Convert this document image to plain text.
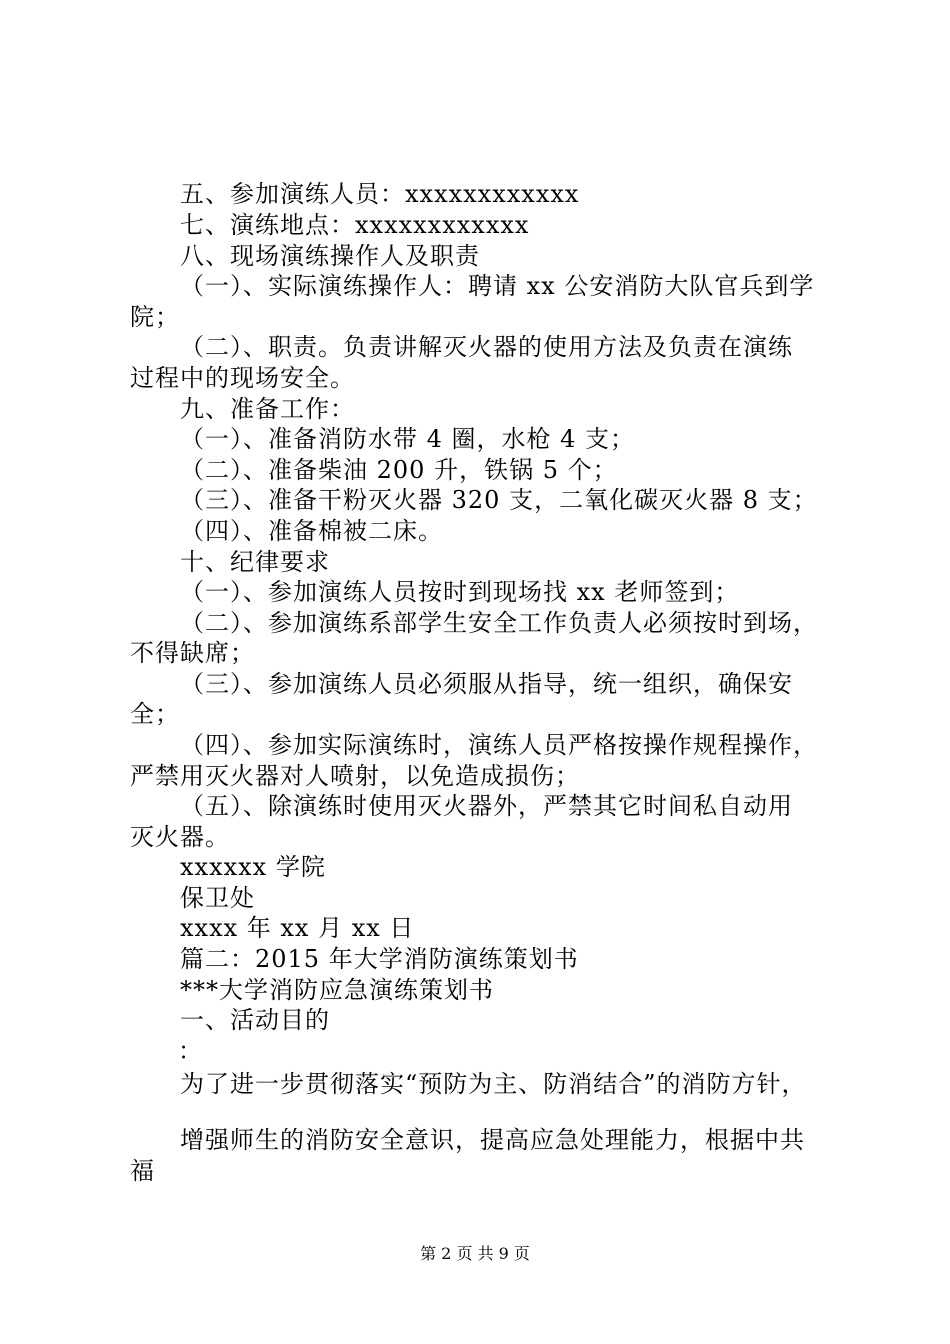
五、参加演练人员：xxxxxxxxxxxx
七、演练地点：xxxxxxxxxxxx
八、现场演练操作人及职责
（一）、实际演练操作人：聘请 xx 公安消防大队官兵到学
院；
（二）、职责。负责讲解灭火器的使用方法及负责在演练
过程中的现场安全。
九、准备工作：
（一）、准备消防水带 4 圈，水枪 4 支；
（二）、准备柴油 200 升，铁锅 5 个；
（三）、准备干粉灭火器 320 支，二氧化碳灭火器 8 支；
（四）、准备棉被二床。
十、纪律要求
（一）、参加演练人员按时到现场找 xx 老师签到；
（二）、参加演练系部学生安全工作负责人必须按时到场，
不得缺席；
（三）、参加演练人员必须服从指导，统一组织，确保安
全；
（四）、参加实际演练时，演练人员严格按操作规程操作，
严禁用灭火器对人喷射，以免造成损伤；
（五）、除演练时使用灭火器外，严禁其它时间私自动用
灭火器。
xxxxxx 学院
保卫处
xxxx 年 xx 月 xx 日
篇二：2015 年大学消防演练策划书
***大学消防应急演练策划书
一、活动目的
：
为了进一步贯彻落实“预防为主、防消结合”的消防方针，
增强师生的消防安全意识，提高应急处理能力，根据中共
福
第 2 页 共 9 页
